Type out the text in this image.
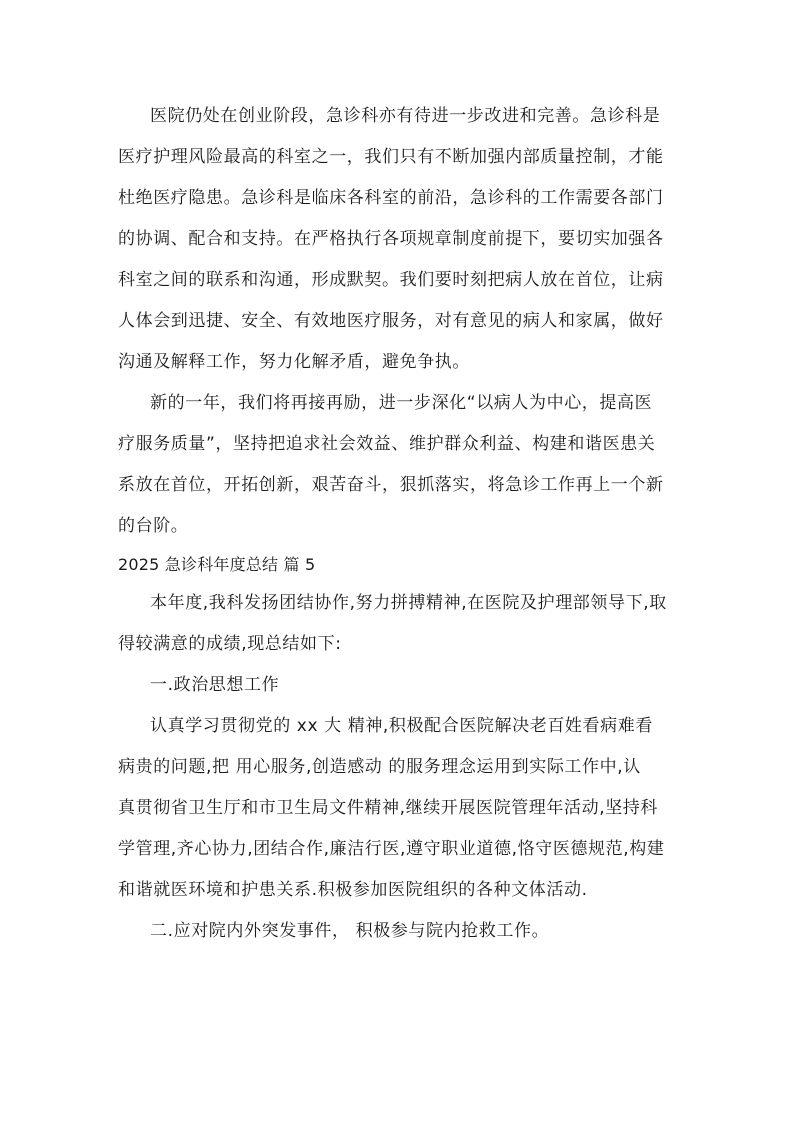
医院仍处在创业阶段，急诊科亦有待进一步改进和完善。急诊科是
医疗护理风险最高的科室之一，我们只有不断加强内部质量控制，才能
杜绝医疗隐患。急诊科是临床各科室的前沿，急诊科的工作需要各部门
的协调、配合和支持。在严格执行各项规章制度前提下，要切实加强各
科室之间的联系和沟通，形成默契。我们要时刻把病人放在首位，让病
人体会到迅捷、安全、有效地医疗服务，对有意见的病人和家属，做好
沟通及解释工作，努力化解矛盾，避免争执。
新的一年，我们将再接再励，进一步深化“以病人为中心，提高医
疗服务质量”，坚持把追求社会效益、维护群众利益、构建和谐医患关
系放在首位，开拓创新，艰苦奋斗，狠抓落实，将急诊工作再上一个新
的台阶。
2025 急诊科年度总结 篇 5
本年度,我科发扬团结协作,努力拼搏精神,在医院及护理部领导下,取
得较满意的成绩,现总结如下:
一.政治思想工作
认真学习贯彻党的 xx 大 精神,积极配合医院解决老百姓看病难看
病贵的问题,把 用心服务,创造感动 的服务理念运用到实际工作中,认
真贯彻省卫生厅和市卫生局文件精神,继续开展医院管理年活动,坚持科
学管理,齐心协力,团结合作,廉洁行医,遵守职业道德,恪守医德规范,构建
和谐就医环境和护患关系.积极参加医院组织的各种文体活动.
二.应对院内外突发事件， 积极参与院内抢救工作。
